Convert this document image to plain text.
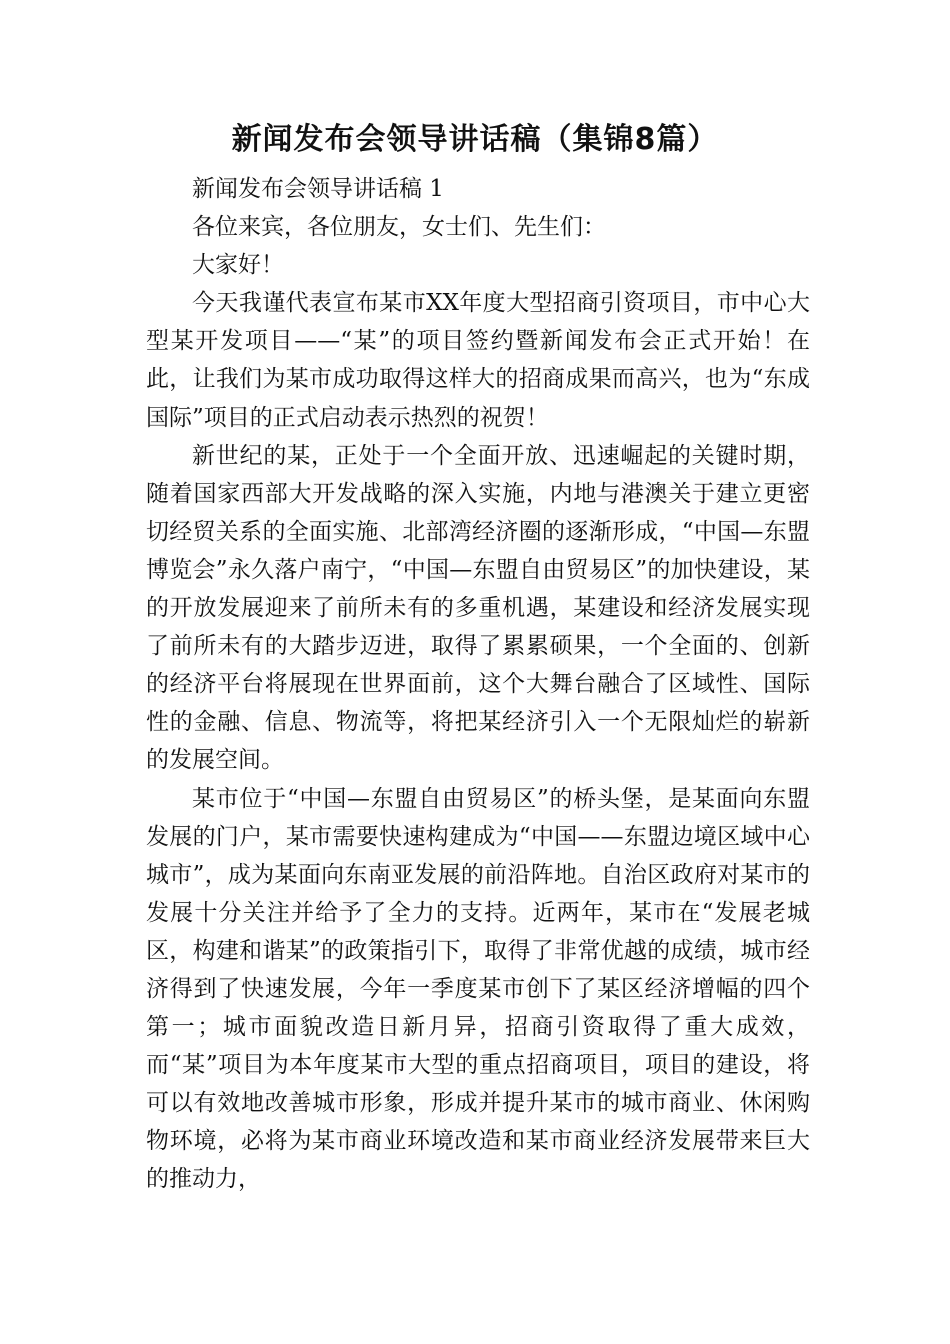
新闻发布会领导讲话稿（集锦8篇）

新闻发布会领导讲话稿 1

各位来宾，各位朋友，女士们、先生们：

大家好！

今天我谨代表宣布某市XX年度大型招商引资项目，市中心大型某开发项目——“某”的项目签约暨新闻发布会正式开始！在此，让我们为某市成功取得这样大的招商成果而高兴，也为“东成国际”项目的正式启动表示热烈的祝贺！

新世纪的某，正处于一个全面开放、迅速崛起的关键时期，随着国家西部大开发战略的深入实施，内地与港澳关于建立更密切经贸关系的全面实施、北部湾经济圈的逐渐形成，“中国—东盟博览会”永久落户南宁，“中国—东盟自由贸易区”的加快建设，某的开放发展迎来了前所未有的多重机遇，某建设和经济发展实现了前所未有的大踏步迈进，取得了累累硕果，一个全面的、创新的经济平台将展现在世界面前，这个大舞台融合了区域性、国际性的金融、信息、物流等，将把某经济引入一个无限灿烂的崭新的发展空间。

某市位于“中国—东盟自由贸易区”的桥头堡，是某面向东盟发展的门户，某市需要快速构建成为“中国——东盟边境区域中心城市”，成为某面向东南亚发展的前沿阵地。自治区政府对某市的发展十分关注并给予了全力的支持。近两年，某市在“发展老城区，构建和谐某”的政策指引下，取得了非常优越的成绩，城市经济得到了快速发展，今年一季度某市创下了某区经济增幅的四个第一；城市面貌改造日新月异，招商引资取得了重大成效，而“某”项目为本年度某市大型的重点招商项目，项目的建设，将可以有效地改善城市形象，形成并提升某市的城市商业、休闲购物环境，必将为某市商业环境改造和某市商业经济发展带来巨大的推动力，
